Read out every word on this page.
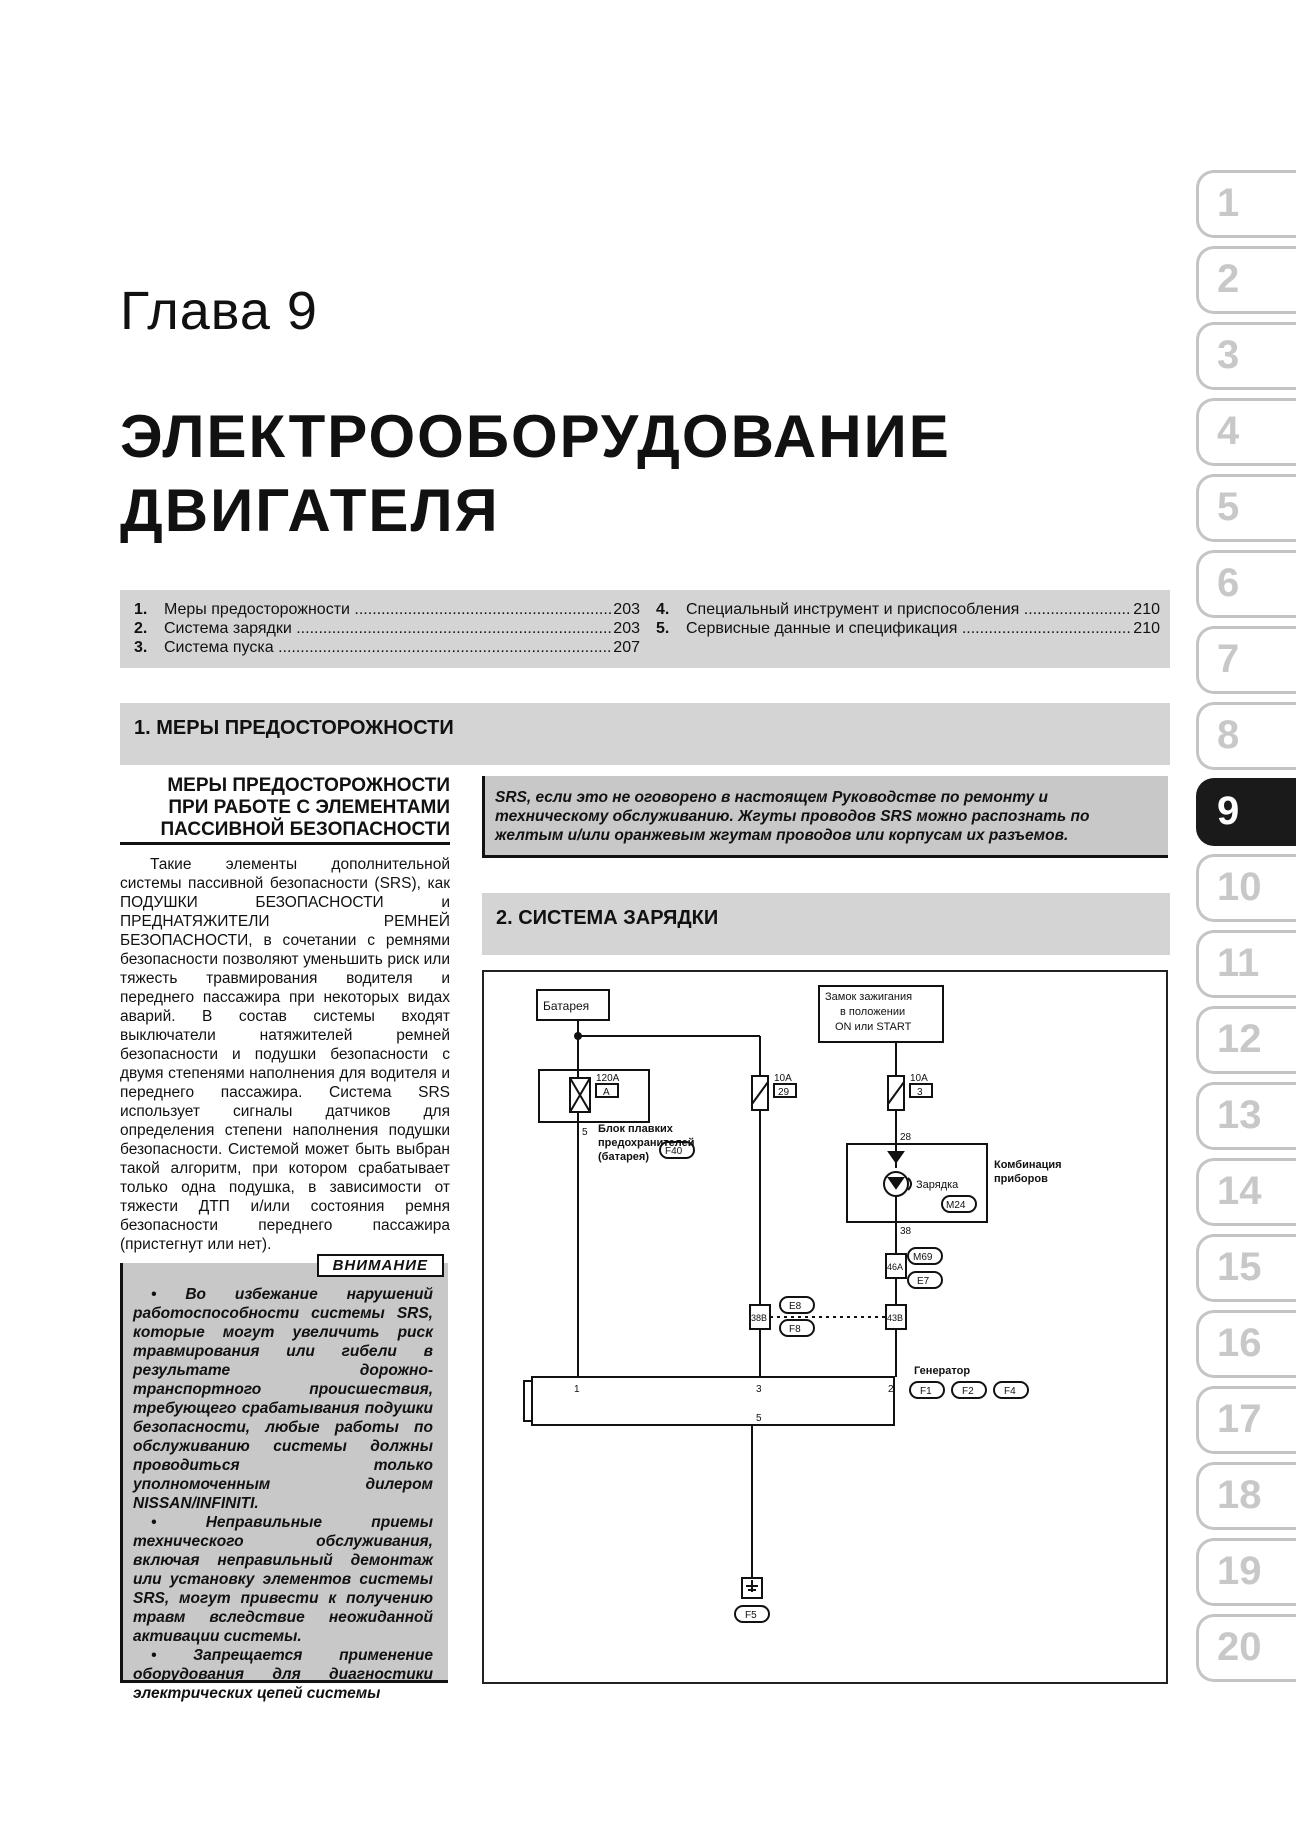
Глава 9
ЭЛЕКТРООБОРУДОВАНИЕ
ДВИГАТЕЛЯ
1
2
3
4
5
6
7
8
9
10
11
12
13
14
15
16
17
18
19
20
1.	Меры предосторожности .....	203
2.	Система зарядки .....	203
3.	Система пуска .....	207
4.	Специальный инструмент и приспособления .....	210
5.	Сервисные данные и спецификация .....	210
1. МЕРЫ ПРЕДОСТОРОЖНОСТИ
МЕРЫ ПРЕДОСТОРОЖНОСТИ
ПРИ РАБОТЕ С ЭЛЕМЕНТАМИ
ПАССИВНОЙ БЕЗОПАСНОСТИ
Такие элементы дополнительной системы пассивной безопасности (SRS), как ПОДУШКИ БЕЗОПАСНОСТИ и ПРЕДНАТЯЖИТЕЛИ РЕМНЕЙ БЕЗОПАСНОСТИ, в сочетании с ремнями безопасности позволяют уменьшить риск или тяжесть травмирования водителя и переднего пассажира при некоторых видах аварий. В состав системы входят выключатели натяжителей ремней безопасности и подушки безопасности с двумя степенями наполнения для водителя и переднего пассажира. Система SRS использует сигналы датчиков для определения степени наполнения подушки безопасности. Системой может быть выбран такой алгоритм, при котором срабатывает только одна подушка, в зависимости от тяжести ДТП и/или состояния ремня безопасности переднего пассажира (пристегнут или нет).
ВНИМАНИЕ

• Во избежание нарушений работоспособности системы SRS, которые могут увеличить риск травмирования или гибели в результате дорожно-транспортного происшествия, требующего срабатывания подушки безопасности, любые работы по обслуживанию системы должны проводиться только уполномоченным дилером NISSAN/INFINITI.

• Неправильные приемы технического обслуживания, включая неправильный демонтаж или установку элементов системы SRS, могут привести к получению травм вследствие неожиданной активации системы.

• Запрещается применение оборудования для диагностики электрических цепей системы

SRS, если это не оговорено в настоящем Руководстве по ремонту и техническому обслуживанию. Жгуты проводов SRS можно распознать по желтым и/или оранжевым жгутам проводов или корпусам их разъемов.
2. СИСТЕМА ЗАРЯДКИ
Батарея
Замок зажигания
в положении
ON или START
120A
A
10A
29
10A
3
5 Блок плавких
предохранителей
(батарея) F40
28
38
Комбинация
приборов
M24
Зарядка
46A
M69
E7
38B
E8
F8
43B
1	3	2
5
Генератор
F1	F2	F4
F5
